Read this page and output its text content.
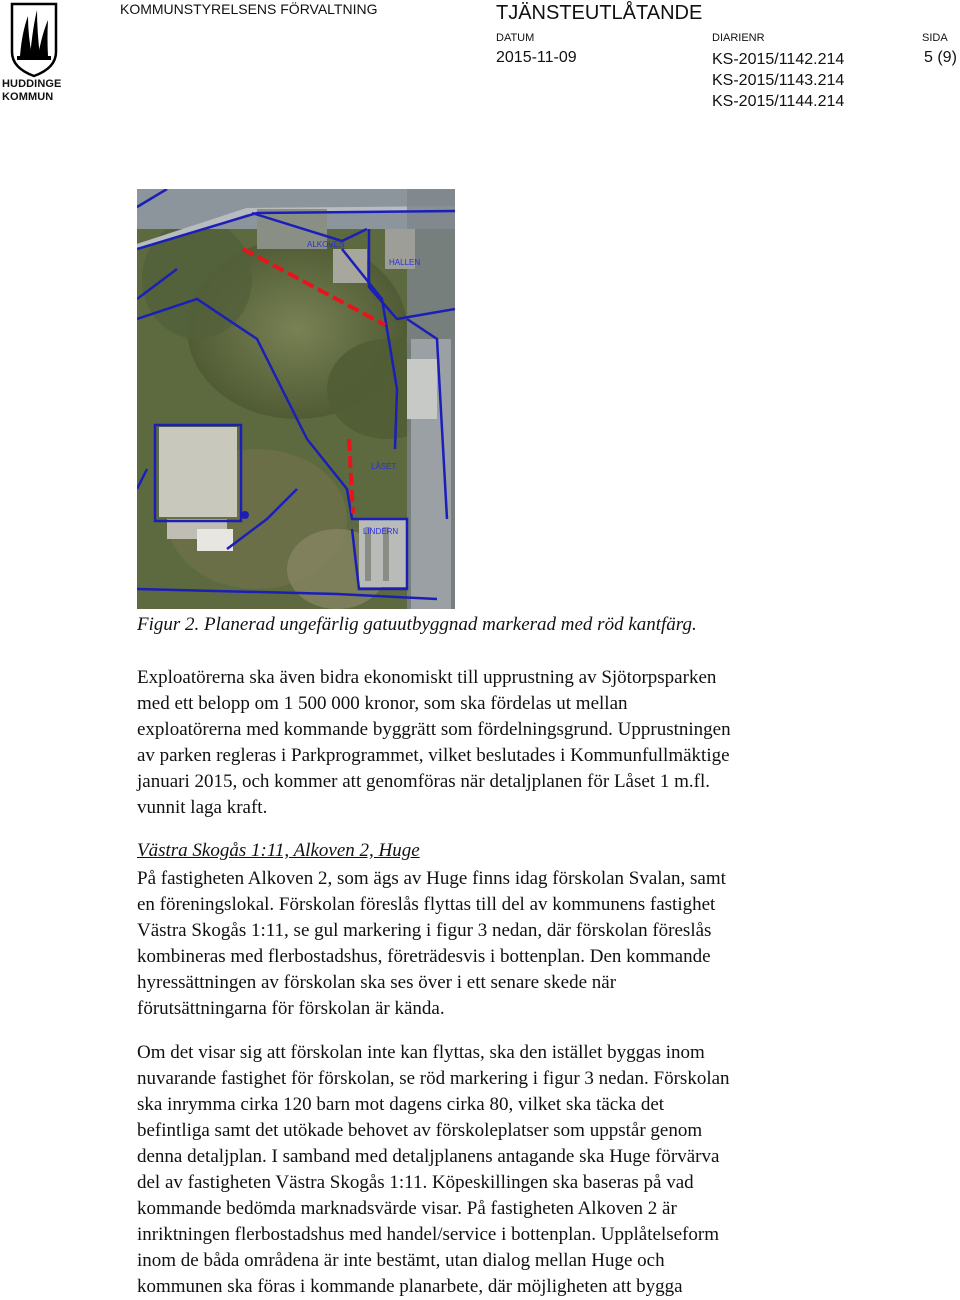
HUDDINGE
KOMMUN
KOMMUNSTYRELSENS FÖRVALTNING	TJÄNSTEUTLÅTANDE
DATUM	DIARIENR	SIDA
2015-11-09	KS-2015/1142.214
KS-2015/1143.214
KS-2015/1144.214
5 (9)
ALKOVEN
HALLEN
LÅSET
LINDERN
Figur 2. Planerad ungefärlig gatuutbyggnad markerad med röd kantfärg.
Exploatörerna ska även bidra ekonomiskt till upprustning av Sjötorpsparken
med ett belopp om 1 500 000 kronor, som ska fördelas ut mellan
exploatörerna med kommande byggrätt som fördelningsgrund. Upprustningen
av parken regleras i Parkprogrammet, vilket beslutades i Kommunfullmäktige
januari 2015, och kommer att genomföras när detaljplanen för Låset 1 m.fl.
vunnit laga kraft.
Västra Skogås 1:11, Alkoven 2, Huge
På fastigheten Alkoven 2, som ägs av Huge finns idag förskolan Svalan, samt
en föreningslokal. Förskolan föreslås flyttas till del av kommunens fastighet
Västra Skogås 1:11, se gul markering i figur 3 nedan, där förskolan föreslås
kombineras med flerbostadshus, företrädesvis i bottenplan. Den kommande
hyressättningen av förskolan ska ses över i ett senare skede när
förutsättningarna för förskolan är kända.
Om det visar sig att förskolan inte kan flyttas, ska den istället byggas inom
nuvarande fastighet för förskolan, se röd markering i figur 3 nedan. Förskolan
ska inrymma cirka 120 barn mot dagens cirka 80, vilket ska täcka det
befintliga samt det utökade behovet av förskoleplatser som uppstår genom
denna detaljplan. I samband med detaljplanens antagande ska Huge förvärva
del av fastigheten Västra Skogås 1:11. Köpeskillingen ska baseras på vad
kommande bedömda marknadsvärde visar. På fastigheten Alkoven 2 är
inriktningen flerbostadshus med handel/service i bottenplan. Upplåtelseform
inom de båda områdena är inte bestämt, utan dialog mellan Huge och
kommunen ska föras i kommande planarbete, där möjligheten att bygga
